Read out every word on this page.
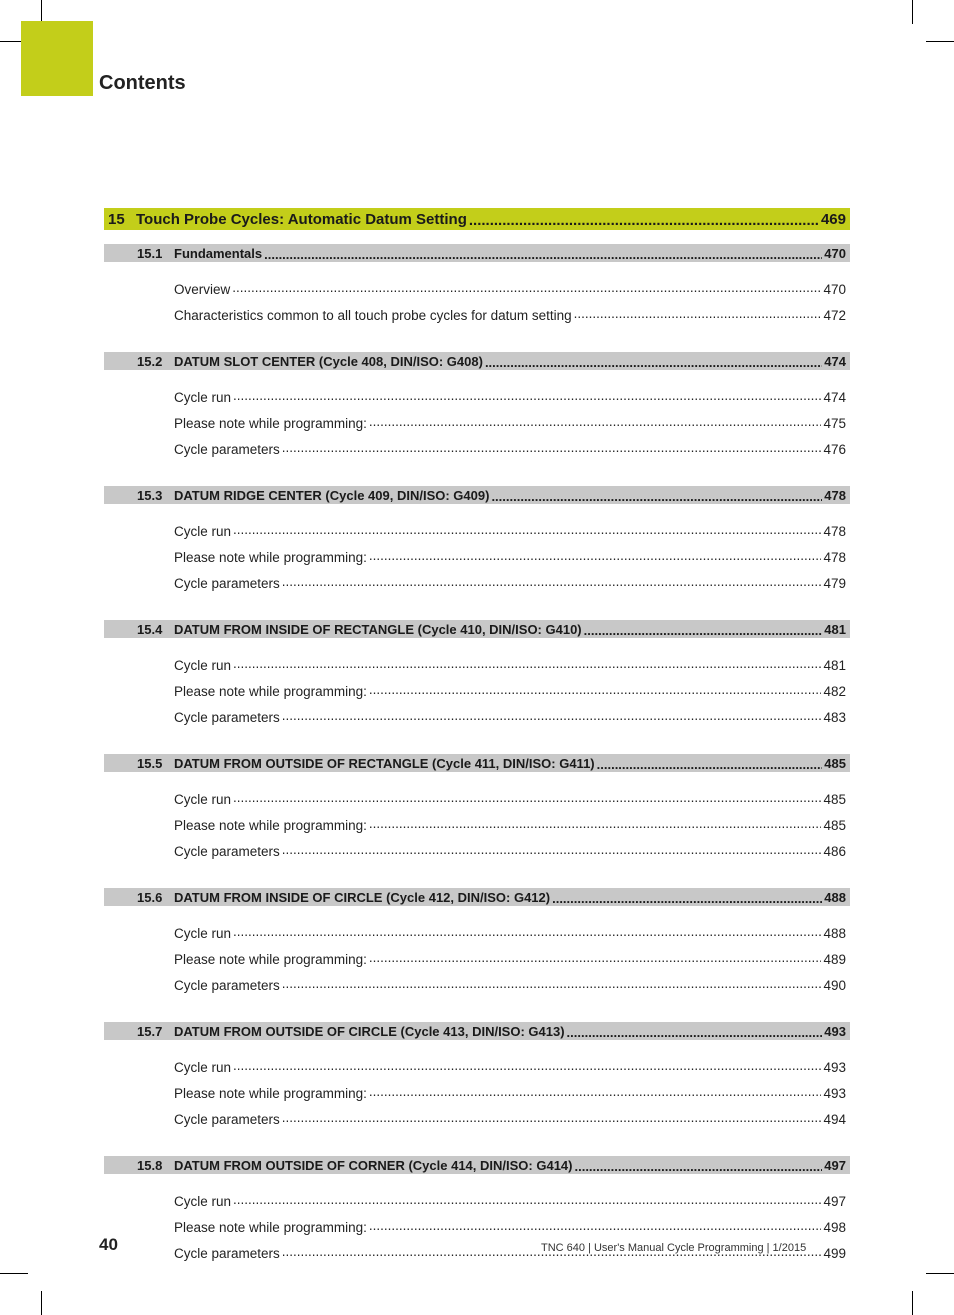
Contents
15 Touch Probe Cycles: Automatic Datum Setting .....	469
15.1 Fundamentals .....	470
Overview .....	470
Characteristics common to all touch probe cycles for datum setting .....	472
15.2 DATUM SLOT CENTER (Cycle 408, DIN/ISO: G408) .....	474
Cycle run .....	474
Please note while programming: .....	475
Cycle parameters .....	476
15.3 DATUM RIDGE CENTER (Cycle 409, DIN/ISO: G409) .....	478
Cycle run .....	478
Please note while programming: .....	478
Cycle parameters .....	479
15.4 DATUM FROM INSIDE OF RECTANGLE (Cycle 410, DIN/ISO: G410) .....	481
Cycle run .....	481
Please note while programming: .....	482
Cycle parameters .....	483
15.5 DATUM FROM OUTSIDE OF RECTANGLE (Cycle 411, DIN/ISO: G411) .....	485
Cycle run .....	485
Please note while programming: .....	485
Cycle parameters .....	486
15.6 DATUM FROM INSIDE OF CIRCLE (Cycle 412, DIN/ISO: G412) .....	488
Cycle run .....	488
Please note while programming: .....	489
Cycle parameters .....	490
15.7 DATUM FROM OUTSIDE OF CIRCLE (Cycle 413, DIN/ISO: G413) .....	493
Cycle run .....	493
Please note while programming: .....	493
Cycle parameters .....	494
15.8 DATUM FROM OUTSIDE OF CORNER (Cycle 414, DIN/ISO: G414) .....	497
Cycle run .....	497
Please note while programming: .....	498
Cycle parameters .....	499
40	TNC 640 | User's Manual Cycle Programming | 1/2015
